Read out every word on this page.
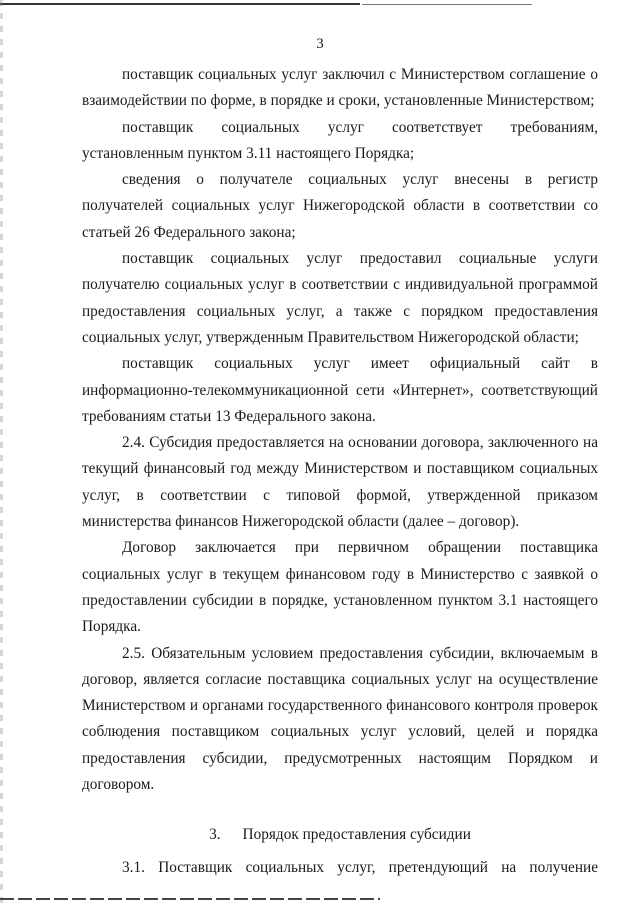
3

поставщик социальных услуг заключил с Министерством соглашение о взаимодействии по форме, в порядке и сроки, установленные Министерством;

поставщик социальных услуг соответствует требованиям, установленным пунктом 3.11 настоящего Порядка;

сведения о получателе социальных услуг внесены в регистр получателей социальных услуг Нижегородской области в соответствии со статьей 26 Федерального закона;

поставщик социальных услуг предоставил социальные услуги получателю социальных услуг в соответствии с индивидуальной программой предоставления социальных услуг, а также с порядком предоставления социальных услуг, утвержденным Правительством Нижегородской области;

поставщик социальных услуг имеет официальный сайт в информационно-телекоммуникационной сети «Интернет», соответствующий требованиям статьи 13 Федерального закона.

2.4. Субсидия предоставляется на основании договора, заключенного на текущий финансовый год между Министерством и поставщиком социальных услуг, в соответствии с типовой формой, утвержденной приказом министерства финансов Нижегородской области (далее – договор).

Договор заключается при первичном обращении поставщика социальных услуг в текущем финансовом году в Министерство с заявкой о предоставлении субсидии в порядке, установленном пунктом 3.1 настоящего Порядка.

2.5. Обязательным условием предоставления субсидии, включаемым в договор, является согласие поставщика социальных услуг на осуществление Министерством и органами государственного финансового контроля проверок соблюдения поставщиком социальных услуг условий, целей и порядка предоставления субсидии, предусмотренных настоящим Порядком и договором.

3. Порядок предоставления субсидии

3.1. Поставщик социальных услуг, претендующий на получение
